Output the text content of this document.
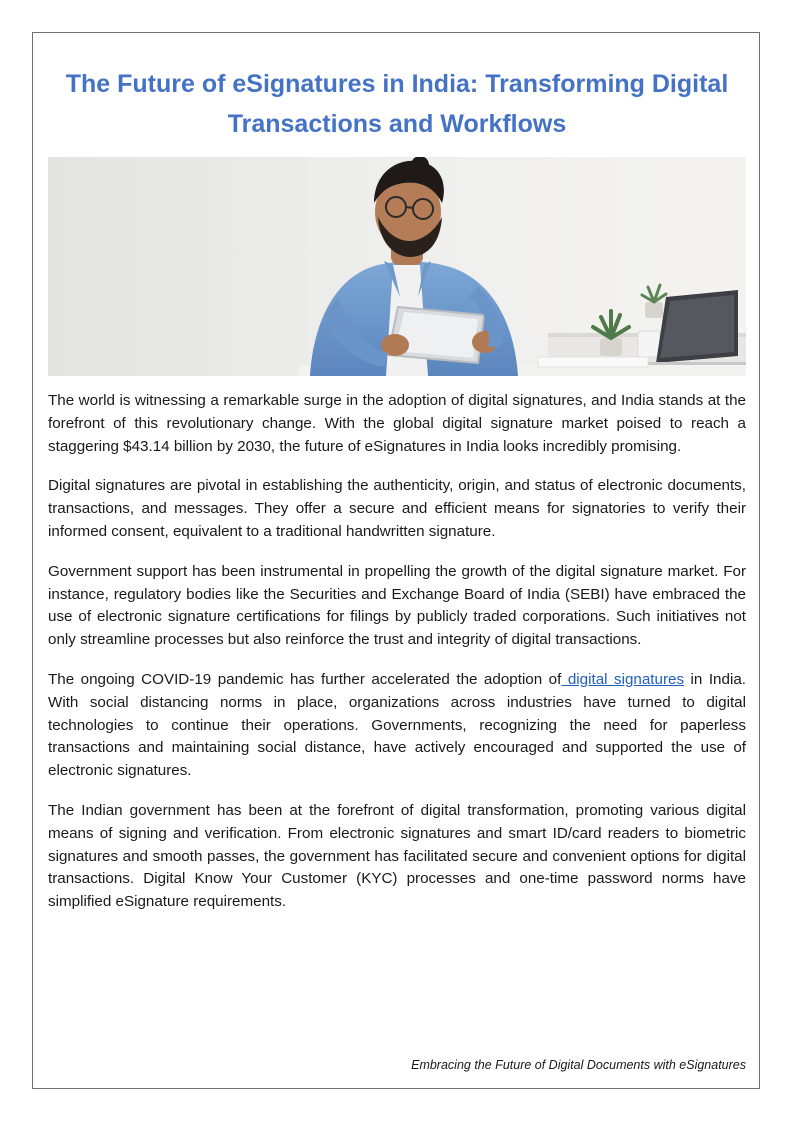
The Future of eSignatures in India: Transforming Digital Transactions and Workflows

The world is witnessing a remarkable surge in the adoption of digital signatures, and India stands at the forefront of this revolutionary change. With the global digital signature market poised to reach a staggering $43.14 billion by 2030, the future of eSignatures in India looks incredibly promising.

Digital signatures are pivotal in establishing the authenticity, origin, and status of electronic documents, transactions, and messages. They offer a secure and efficient means for signatories to verify their informed consent, equivalent to a traditional handwritten signature.

Government support has been instrumental in propelling the growth of the digital signature market. For instance, regulatory bodies like the Securities and Exchange Board of India (SEBI) have embraced the use of electronic signature certifications for filings by publicly traded corporations. Such initiatives not only streamline processes but also reinforce the trust and integrity of digital transactions.

The ongoing COVID-19 pandemic has further accelerated the adoption of digital signatures in India. With social distancing norms in place, organizations across industries have turned to digital technologies to continue their operations. Governments, recognizing the need for paperless transactions and maintaining social distance, have actively encouraged and supported the use of electronic signatures.

The Indian government has been at the forefront of digital transformation, promoting various digital means of signing and verification. From electronic signatures and smart ID/card readers to biometric signatures and smooth passes, the government has facilitated secure and convenient options for digital transactions. Digital Know Your Customer (KYC) processes and one-time password norms have simplified eSignature requirements.

Embracing the Future of Digital Documents with eSignatures
